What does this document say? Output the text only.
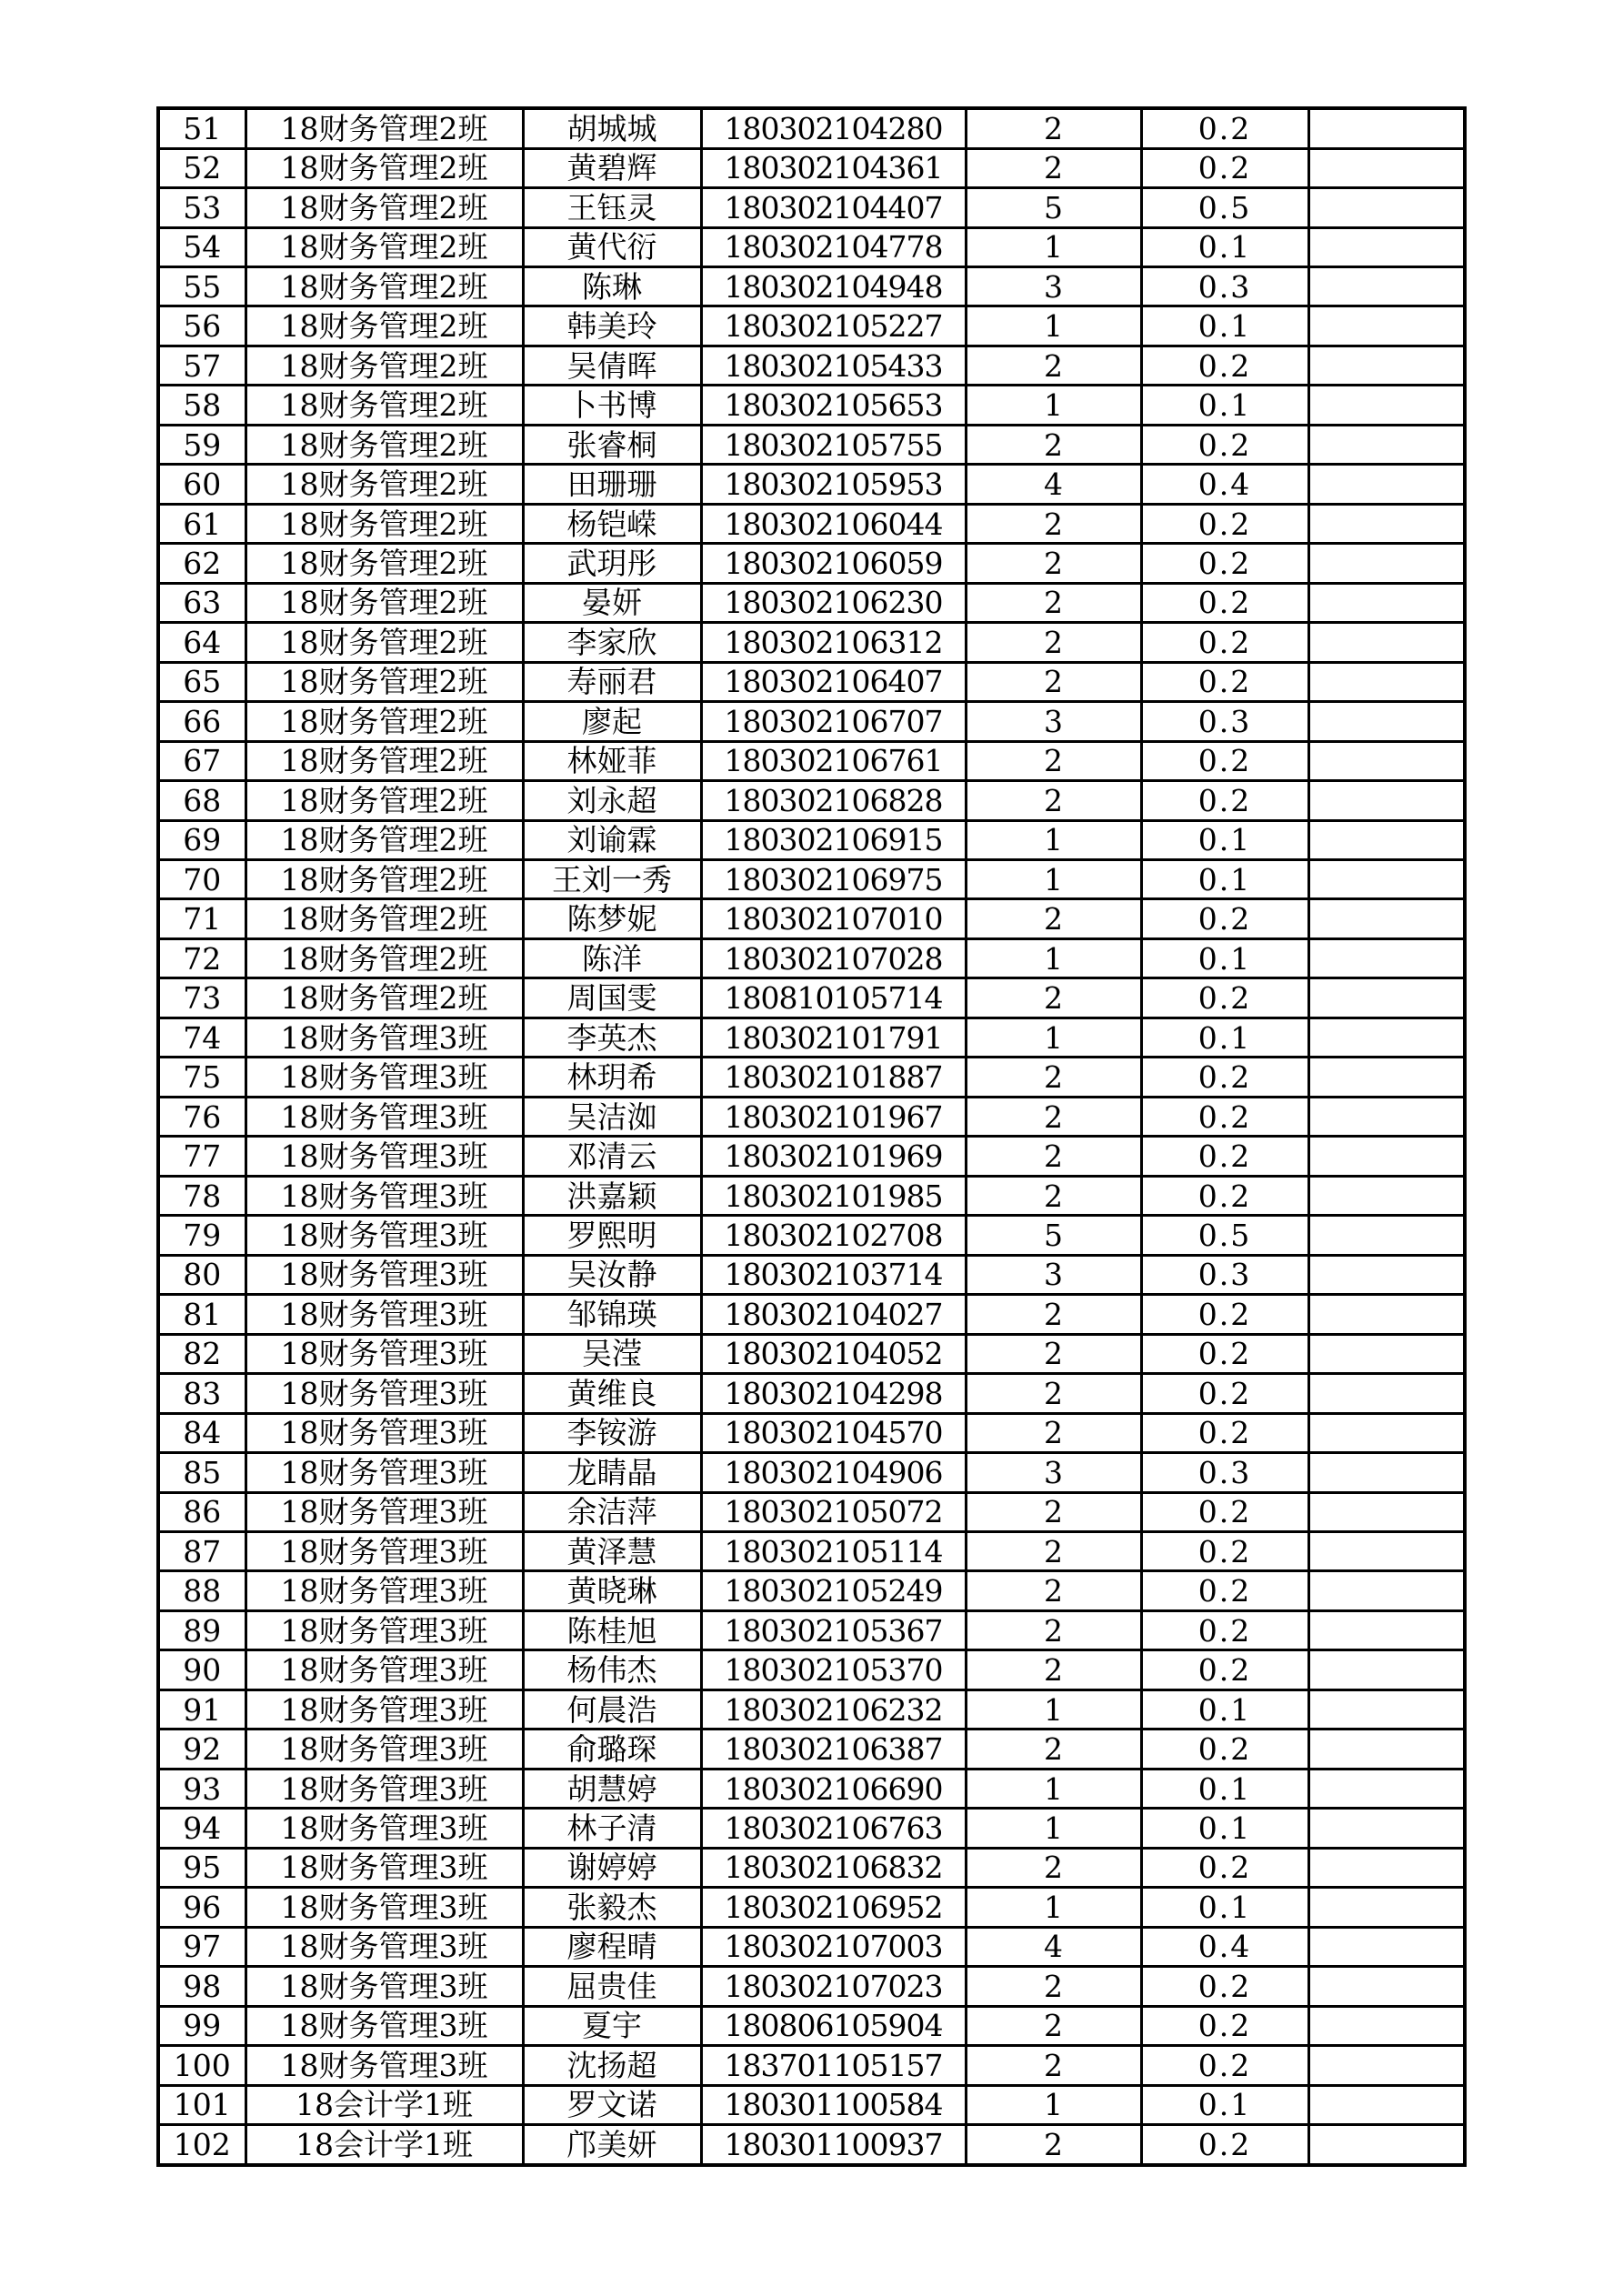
51	18财务管理2班	胡城城	180302104280	2	0.2	
52	18财务管理2班	黄碧辉	180302104361	2	0.2	
53	18财务管理2班	王钰灵	180302104407	5	0.5	
54	18财务管理2班	黄代衍	180302104778	1	0.1	
55	18财务管理2班	陈琳	180302104948	3	0.3	
56	18财务管理2班	韩美玲	180302105227	1	0.1	
57	18财务管理2班	吴倩晖	180302105433	2	0.2	
58	18财务管理2班	卜书博	180302105653	1	0.1	
59	18财务管理2班	张睿桐	180302105755	2	0.2	
60	18财务管理2班	田珊珊	180302105953	4	0.4	
61	18财务管理2班	杨铠嵘	180302106044	2	0.2	
62	18财务管理2班	武玥彤	180302106059	2	0.2	
63	18财务管理2班	晏妍	180302106230	2	0.2	
64	18财务管理2班	李家欣	180302106312	2	0.2	
65	18财务管理2班	寿丽君	180302106407	2	0.2	
66	18财务管理2班	廖起	180302106707	3	0.3	
67	18财务管理2班	林娅菲	180302106761	2	0.2	
68	18财务管理2班	刘永超	180302106828	2	0.2	
69	18财务管理2班	刘谕霖	180302106915	1	0.1	
70	18财务管理2班	王刘一秀	180302106975	1	0.1	
71	18财务管理2班	陈梦妮	180302107010	2	0.2	
72	18财务管理2班	陈洋	180302107028	1	0.1	
73	18财务管理2班	周国雯	180810105714	2	0.2	
74	18财务管理3班	李英杰	180302101791	1	0.1	
75	18财务管理3班	林玥希	180302101887	2	0.2	
76	18财务管理3班	吴洁洳	180302101967	2	0.2	
77	18财务管理3班	邓清云	180302101969	2	0.2	
78	18财务管理3班	洪嘉颖	180302101985	2	0.2	
79	18财务管理3班	罗熙明	180302102708	5	0.5	
80	18财务管理3班	吴汝静	180302103714	3	0.3	
81	18财务管理3班	邹锦瑛	180302104027	2	0.2	
82	18财务管理3班	吴滢	180302104052	2	0.2	
83	18财务管理3班	黄维良	180302104298	2	0.2	
84	18财务管理3班	李铵游	180302104570	2	0.2	
85	18财务管理3班	龙睛晶	180302104906	3	0.3	
86	18财务管理3班	余洁萍	180302105072	2	0.2	
87	18财务管理3班	黄泽慧	180302105114	2	0.2	
88	18财务管理3班	黄晓琳	180302105249	2	0.2	
89	18财务管理3班	陈桂旭	180302105367	2	0.2	
90	18财务管理3班	杨伟杰	180302105370	2	0.2	
91	18财务管理3班	何晨浩	180302106232	1	0.1	
92	18财务管理3班	俞璐琛	180302106387	2	0.2	
93	18财务管理3班	胡慧婷	180302106690	1	0.1	
94	18财务管理3班	林子清	180302106763	1	0.1	
95	18财务管理3班	谢婷婷	180302106832	2	0.2	
96	18财务管理3班	张毅杰	180302106952	1	0.1	
97	18财务管理3班	廖程晴	180302107003	4	0.4	
98	18财务管理3班	屈贵佳	180302107023	2	0.2	
99	18财务管理3班	夏宇	180806105904	2	0.2	
100	18财务管理3班	沈扬超	183701105157	2	0.2	
101	18会计学1班	罗文诺	180301100584	1	0.1	
102	18会计学1班	邝美妍	180301100937	2	0.2	
